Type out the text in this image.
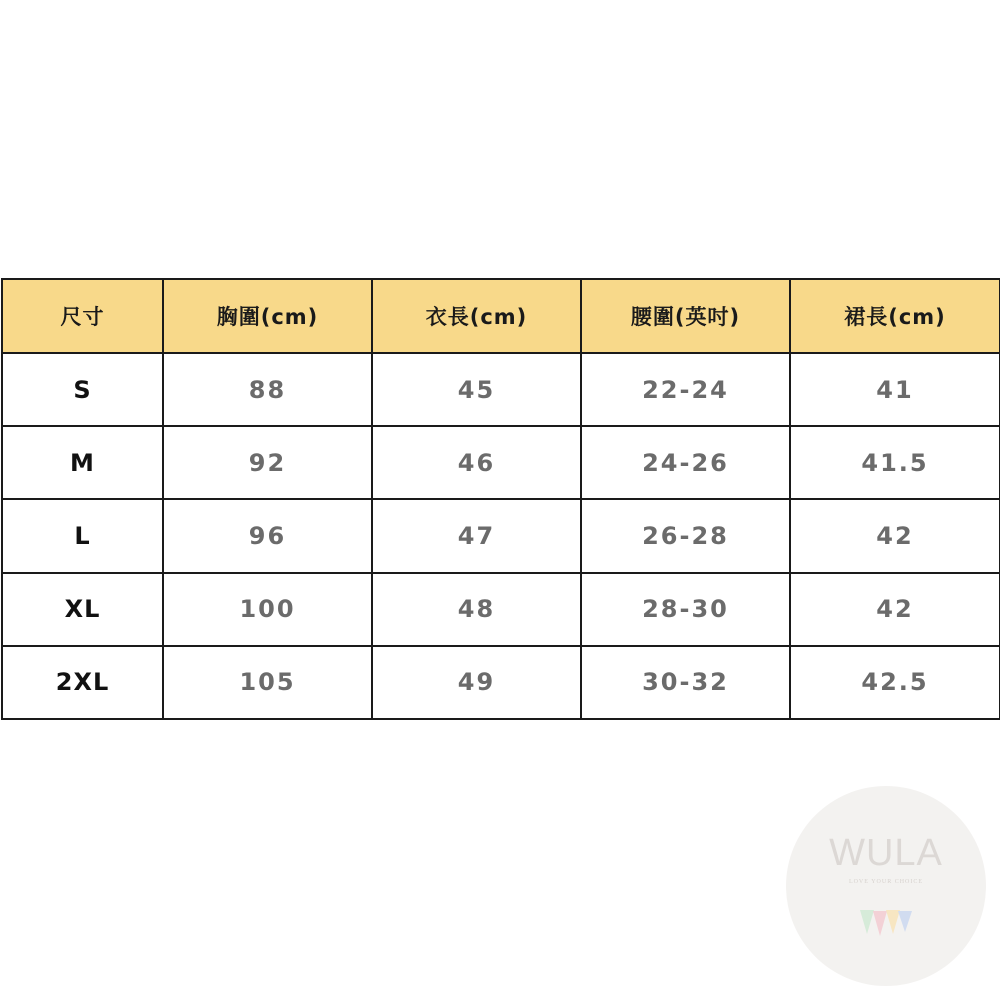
尺寸	胸圍(cm)	衣長(cm)	腰圍(英吋)	裙長(cm)
S	88	45	22-24	41
M	92	46	24-26	41.5
L	96	47	26-28	42
XL	100	48	28-30	42
2XL	105	49	30-32	42.5
WULA
LOVE YOUR CHOICE
